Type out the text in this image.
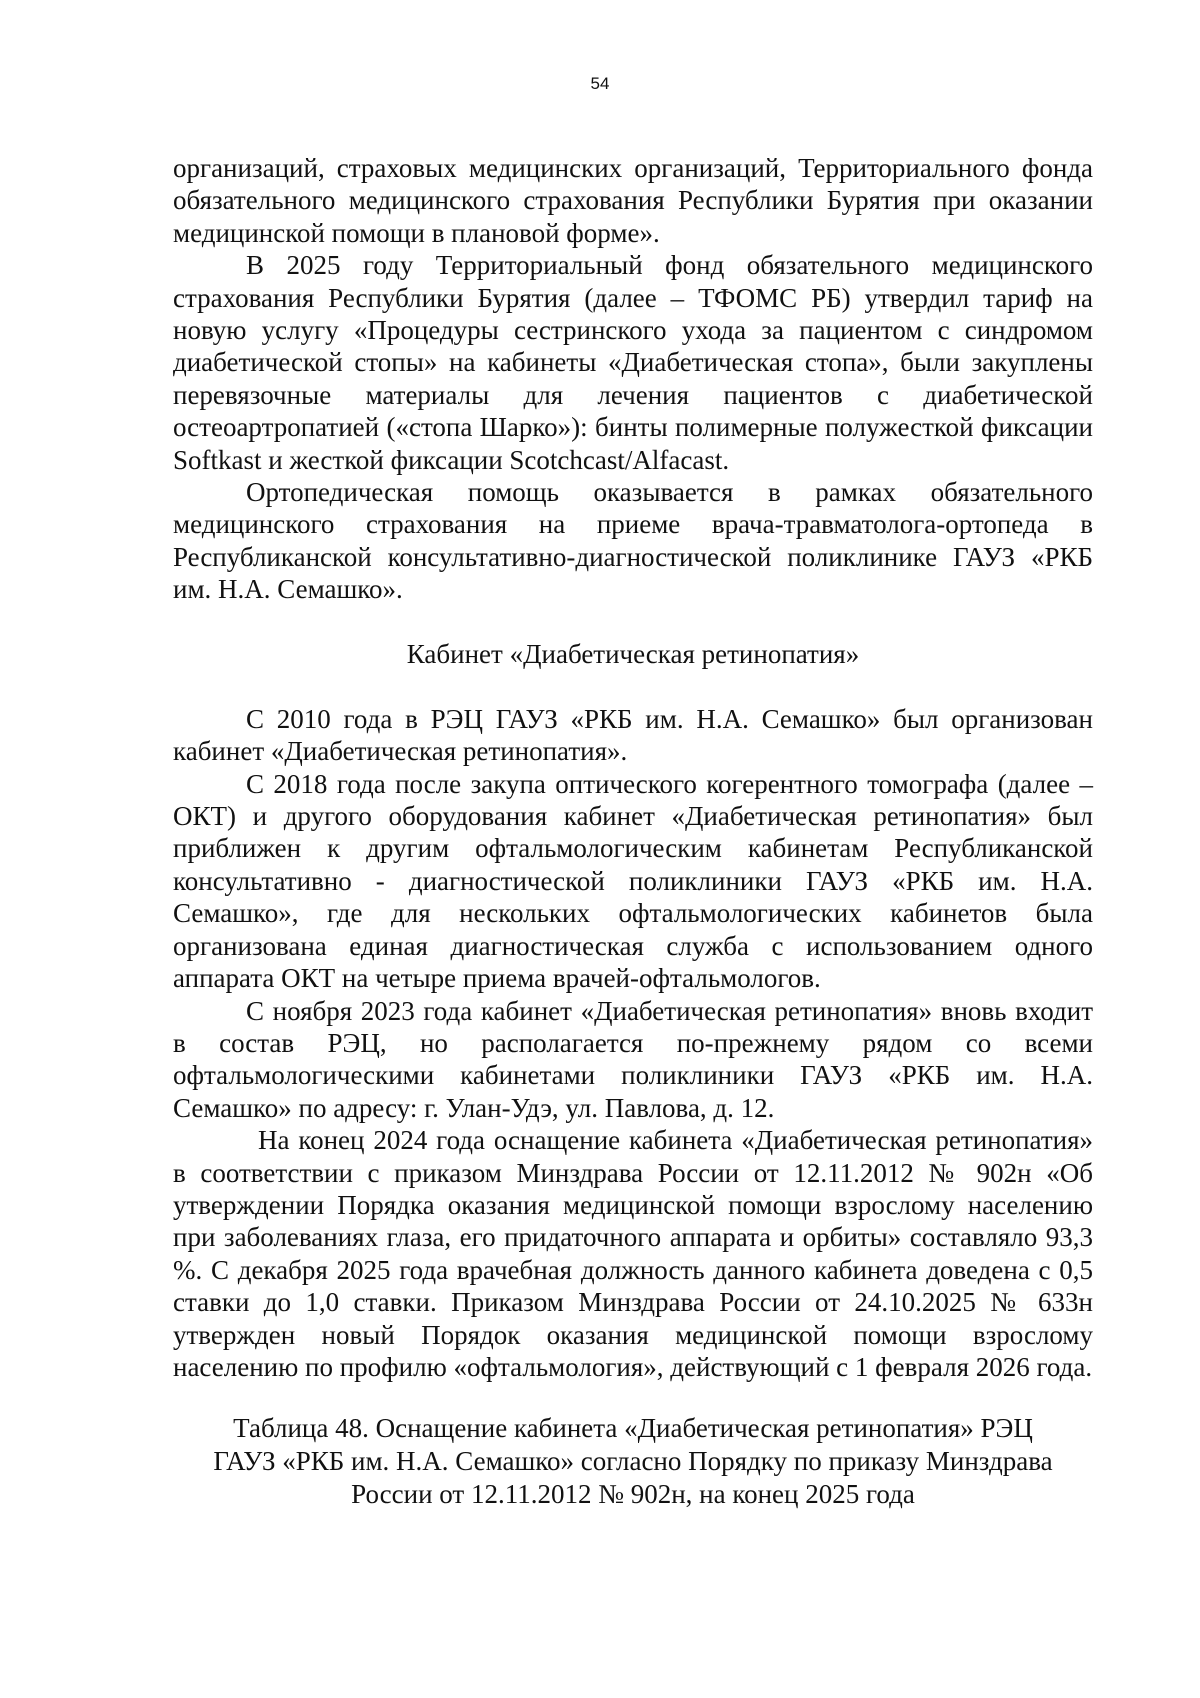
54

организаций, страховых медицинских организаций, Территориального фонда обязательного медицинского страхования Республики Бурятия при оказании медицинской помощи в плановой форме».

В 2025 году Территориальный фонд обязательного медицинского страхования Республики Бурятия (далее – ТФОМС РБ) утвердил тариф на новую услугу «Процедуры сестринского ухода за пациентом с синдромом диабетической стопы» на кабинеты «Диабетическая стопа», были закуплены перевязочные материалы для лечения пациентов с диабетической остеоартропатией («стопа Шарко»): бинты полимерные полужесткой фиксации Softkast и жесткой фиксации Scotchcast/Alfacast.

Ортопедическая помощь оказывается в рамках обязательного медицинского страхования на приеме врача-травматолога-ортопеда в Республиканской консультативно-диагностической поликлинике ГАУЗ «РКБ им. Н.А. Семашко».

Кабинет «Диабетическая ретинопатия»

С 2010 года в РЭЦ ГАУЗ «РКБ им. Н.А. Семашко» был организован кабинет «Диабетическая ретинопатия».

С 2018 года после закупа оптического когерентного томографа (далее – ОКТ) и другого оборудования кабинет «Диабетическая ретинопатия» был приближен к другим офтальмологическим кабинетам Республиканской консультативно - диагностической поликлиники ГАУЗ «РКБ им. Н.А. Семашко», где для нескольких офтальмологических кабинетов была организована единая диагностическая служба с использованием одного аппарата ОКТ на четыре приема врачей-офтальмологов.

С ноября 2023 года кабинет «Диабетическая ретинопатия» вновь входит в состав РЭЦ, но располагается по-прежнему рядом со всеми офтальмологическими кабинетами поликлиники ГАУЗ «РКБ им. Н.А. Семашко» по адресу: г. Улан-Удэ, ул. Павлова, д. 12.

На конец 2024 года оснащение кабинета «Диабетическая ретинопатия» в соответствии с приказом Минздрава России от 12.11.2012 № 902н «Об утверждении Порядка оказания медицинской помощи взрослому населению при заболеваниях глаза, его придаточного аппарата и орбиты» составляло 93,3 %. С декабря 2025 года врачебная должность данного кабинета доведена с 0,5 ставки до 1,0 ставки. Приказом Минздрава России от 24.10.2025 № 633н утвержден новый Порядок оказания медицинской помощи взрослому населению по профилю «офтальмология», действующий с 1 февраля 2026 года.

Таблица 48. Оснащение кабинета «Диабетическая ретинопатия» РЭЦ

ГАУЗ «РКБ им. Н.А. Семашко» согласно Порядку по приказу Минздрава

России от 12.11.2012 № 902н, на конец 2025 года
